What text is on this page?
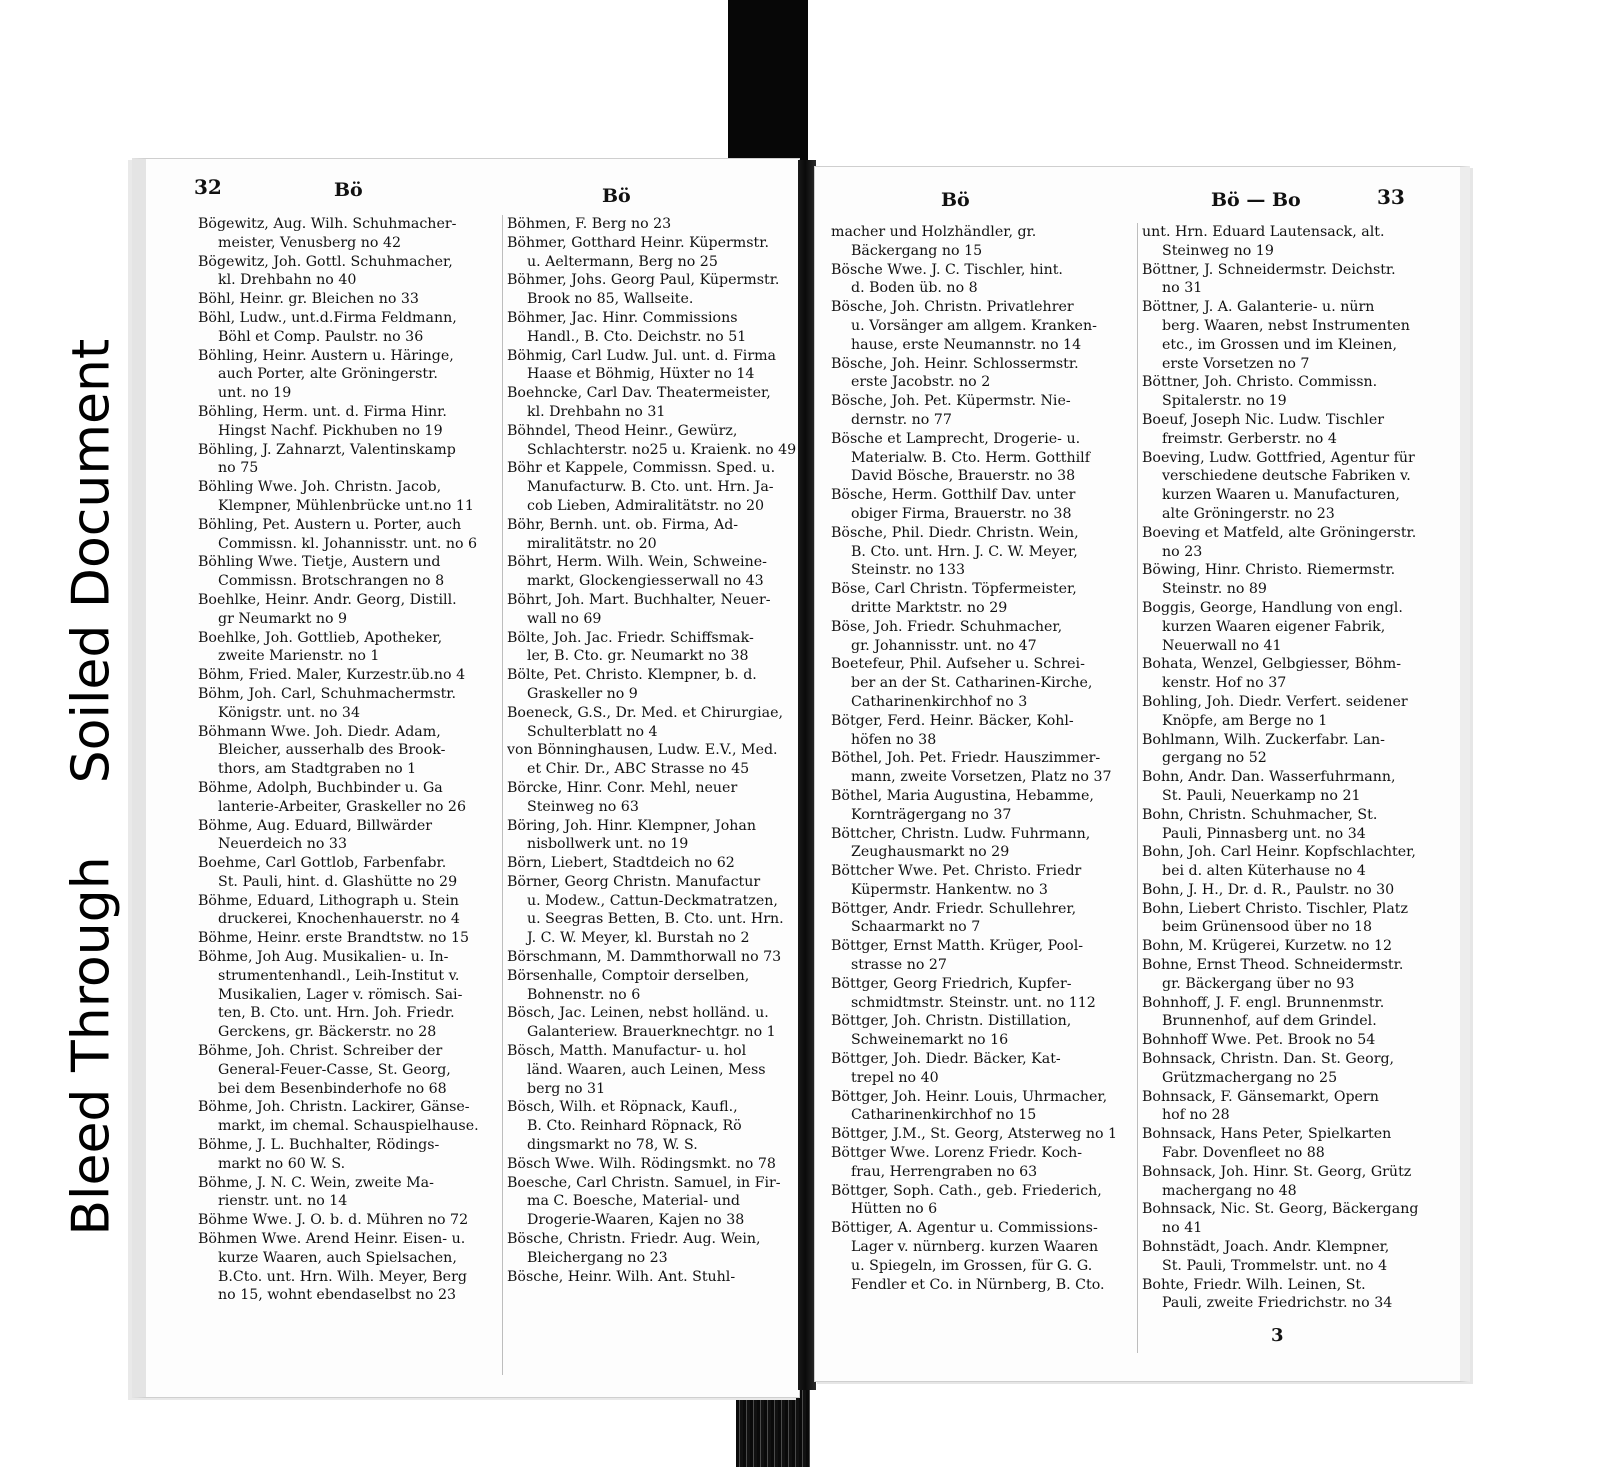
Soiled Document
Bleed Through
32	Bö	Bö
Bögewitz, Aug. Wilh. Schuhmacher-
meister, Venusberg no 42
Bögewitz, Joh. Gottl. Schuhmacher,
kl. Drehbahn no 40
Böhl, Heinr. gr. Bleichen no 33
Böhl, Ludw., unt.d.Firma Feldmann,
Böhl et Comp. Paulstr. no 36
Böhling, Heinr. Austern u. Häringe,
auch Porter, alte Gröningerstr.
unt. no 19
Böhling, Herm. unt. d. Firma Hinr.
Hingst Nachf. Pickhuben no 19
Böhling, J. Zahnarzt, Valentinskamp
no 75
Böhling Wwe. Joh. Christn. Jacob,
Klempner, Mühlenbrücke unt.no 11
Böhling, Pet. Austern u. Porter, auch
Commissn. kl. Johannisstr. unt. no 6
Böhling Wwe. Tietje, Austern und
Commissn. Brotschrangen no 8
Boehlke, Heinr. Andr. Georg, Distill.
gr Neumarkt no 9
Boehlke, Joh. Gottlieb, Apotheker,
zweite Marienstr. no 1
Böhm, Fried. Maler, Kurzestr.üb.no 4
Böhm, Joh. Carl, Schuhmachermstr.
Königstr. unt. no 34
Böhmann Wwe. Joh. Diedr. Adam,
Bleicher, ausserhalb des Brook-
thors, am Stadtgraben no 1
Böhme, Adolph, Buchbinder u. Ga
lanterie-Arbeiter, Graskeller no 26
Böhme, Aug. Eduard, Billwärder
Neuerdeich no 33
Boehme, Carl Gottlob, Farbenfabr.
St. Pauli, hint. d. Glashütte no 29
Böhme, Eduard, Lithograph u. Stein
druckerei, Knochenhauerstr. no 4
Böhme, Heinr. erste Brandtstw. no 15
Böhme, Joh Aug. Musikalien- u. In-
strumentenhandl., Leih-Institut v.
Musikalien, Lager v. römisch. Sai-
ten, B. Cto. unt. Hrn. Joh. Friedr.
Gerckens, gr. Bäckerstr. no 28
Böhme, Joh. Christ. Schreiber der
General-Feuer-Casse, St. Georg,
bei dem Besenbinderhofe no 68
Böhme, Joh. Christn. Lackirer, Gänse-
markt, im chemal. Schauspielhause.
Böhme, J. L. Buchhalter, Rödings-
markt no 60 W. S.
Böhme, J. N. C. Wein, zweite Ma-
rienstr. unt. no 14
Böhme Wwe. J. O. b. d. Mühren no 72
Böhmen Wwe. Arend Heinr. Eisen- u.
kurze Waaren, auch Spielsachen,
B.Cto. unt. Hrn. Wilh. Meyer, Berg
no 15, wohnt ebendaselbst no 23
Böhmen, F. Berg no 23
Böhmer, Gotthard Heinr. Küpermstr.
u. Aeltermann, Berg no 25
Böhmer, Johs. Georg Paul, Küpermstr.
Brook no 85, Wallseite.
Böhmer, Jac. Hinr. Commissions
Handl., B. Cto. Deichstr. no 51
Böhmig, Carl Ludw. Jul. unt. d. Firma
Haase et Böhmig, Hüxter no 14
Boehncke, Carl Dav. Theatermeister,
kl. Drehbahn no 31
Böhndel, Theod Heinr., Gewürz,
Schlachterstr. no25 u. Kraienk. no 49
Böhr et Kappele, Commissn. Sped. u.
Manufacturw. B. Cto. unt. Hrn. Ja-
cob Lieben, Admiralitätstr. no 20
Böhr, Bernh. unt. ob. Firma, Ad-
miralitätstr. no 20
Böhrt, Herm. Wilh. Wein, Schweine-
markt, Glockengiesserwall no 43
Böhrt, Joh. Mart. Buchhalter, Neuer-
wall no 69
Bölte, Joh. Jac. Friedr. Schiffsmak-
ler, B. Cto. gr. Neumarkt no 38
Bölte, Pet. Christo. Klempner, b. d.
Graskeller no 9
Boeneck, G.S., Dr. Med. et Chirurgiae,
Schulterblatt no 4
von Bönninghausen, Ludw. E.V., Med.
et Chir. Dr., ABC Strasse no 45
Börcke, Hinr. Conr. Mehl, neuer
Steinweg no 63
Böring, Joh. Hinr. Klempner, Johan
nisbollwerk unt. no 19
Börn, Liebert, Stadtdeich no 62
Börner, Georg Christn. Manufactur
u. Modew., Cattun-Deckmatratzen,
u. Seegras Betten, B. Cto. unt. Hrn.
J. C. W. Meyer, kl. Burstah no 2
Börschmann, M. Dammthorwall no 73
Börsenhalle, Comptoir derselben,
Bohnenstr. no 6
Bösch, Jac. Leinen, nebst holländ. u.
Galanteriew. Brauerknechtgr. no 1
Bösch, Matth. Manufactur- u. hol
länd. Waaren, auch Leinen, Mess
berg no 31
Bösch, Wilh. et Röpnack, Kaufl.,
B. Cto. Reinhard Röpnack, Rö
dingsmarkt no 78, W. S.
Bösch Wwe. Wilh. Rödingsmkt. no 78
Boesche, Carl Christn. Samuel, in Fir-
ma C. Boesche, Material- und
Drogerie-Waaren, Kajen no 38
Bösche, Christn. Friedr. Aug. Wein,
Bleichergang no 23
Bösche, Heinr. Wilh. Ant. Stuhl-
Bö	Bö — Bo	33
macher und Holzhändler, gr.
Bäckergang no 15
Bösche Wwe. J. C. Tischler, hint.
d. Boden üb. no 8
Bösche, Joh. Christn. Privatlehrer
u. Vorsänger am allgem. Kranken-
hause, erste Neumannstr. no 14
Bösche, Joh. Heinr. Schlossermstr.
erste Jacobstr. no 2
Bösche, Joh. Pet. Küpermstr. Nie-
dernstr. no 77
Bösche et Lamprecht, Drogerie- u.
Materialw. B. Cto. Herm. Gotthilf
David Bösche, Brauerstr. no 38
Bösche, Herm. Gotthilf Dav. unter
obiger Firma, Brauerstr. no 38
Bösche, Phil. Diedr. Christn. Wein,
B. Cto. unt. Hrn. J. C. W. Meyer,
Steinstr. no 133
Böse, Carl Christn. Töpfermeister,
dritte Marktstr. no 29
Böse, Joh. Friedr. Schuhmacher,
gr. Johannisstr. unt. no 47
Boetefeur, Phil. Aufseher u. Schrei-
ber an der St. Catharinen-Kirche,
Catharinenkirchhof no 3
Bötger, Ferd. Heinr. Bäcker, Kohl-
höfen no 38
Böthel, Joh. Pet. Friedr. Hauszimmer-
mann, zweite Vorsetzen, Platz no 37
Böthel, Maria Augustina, Hebamme,
Kornträgergang no 37
Böttcher, Christn. Ludw. Fuhrmann,
Zeughausmarkt no 29
Böttcher Wwe. Pet. Christo. Friedr
Küpermstr. Hankentw. no 3
Böttger, Andr. Friedr. Schullehrer,
Schaarmarkt no 7
Böttger, Ernst Matth. Krüger, Pool-
strasse no 27
Böttger, Georg Friedrich, Kupfer-
schmidtmstr. Steinstr. unt. no 112
Böttger, Joh. Christn. Distillation,
Schweinemarkt no 16
Böttger, Joh. Diedr. Bäcker, Kat-
trepel no 40
Böttger, Joh. Heinr. Louis, Uhrmacher,
Catharinenkirchhof no 15
Böttger, J.M., St. Georg, Atsterweg no 1
Böttger Wwe. Lorenz Friedr. Koch-
frau, Herrengraben no 63
Böttger, Soph. Cath., geb. Friederich,
Hütten no 6
Böttiger, A. Agentur u. Commissions-
Lager v. nürnberg. kurzen Waaren
u. Spiegeln, im Grossen, für G. G.
Fendler et Co. in Nürnberg, B. Cto.
unt. Hrn. Eduard Lautensack, alt.
Steinweg no 19
Böttner, J. Schneidermstr. Deichstr.
no 31
Böttner, J. A. Galanterie- u. nürn
berg. Waaren, nebst Instrumenten
etc., im Grossen und im Kleinen,
erste Vorsetzen no 7
Böttner, Joh. Christo. Commissn.
Spitalerstr. no 19
Boeuf, Joseph Nic. Ludw. Tischler
freimstr. Gerberstr. no 4
Boeving, Ludw. Gottfried, Agentur für
verschiedene deutsche Fabriken v.
kurzen Waaren u. Manufacturen,
alte Gröningerstr. no 23
Boeving et Matfeld, alte Gröningerstr.
no 23
Böwing, Hinr. Christo. Riemermstr.
Steinstr. no 89
Boggis, George, Handlung von engl.
kurzen Waaren eigener Fabrik,
Neuerwall no 41
Bohata, Wenzel, Gelbgiesser, Böhm-
kenstr. Hof no 37
Bohling, Joh. Diedr. Verfert. seidener
Knöpfe, am Berge no 1
Bohlmann, Wilh. Zuckerfabr. Lan-
gergang no 52
Bohn, Andr. Dan. Wasserfuhrmann,
St. Pauli, Neuerkamp no 21
Bohn, Christn. Schuhmacher, St.
Pauli, Pinnasberg unt. no 34
Bohn, Joh. Carl Heinr. Kopfschlachter,
bei d. alten Küterhause no 4
Bohn, J. H., Dr. d. R., Paulstr. no 30
Bohn, Liebert Christo. Tischler, Platz
beim Grünensood über no 18
Bohn, M. Krügerei, Kurzetw. no 12
Bohne, Ernst Theod. Schneidermstr.
gr. Bäckergang über no 93
Bohnhoff, J. F. engl. Brunnenmstr.
Brunnenhof, auf dem Grindel.
Bohnhoff Wwe. Pet. Brook no 54
Bohnsack, Christn. Dan. St. Georg,
Grützmachergang no 25
Bohnsack, F. Gänsemarkt, Opern
hof no 28
Bohnsack, Hans Peter, Spielkarten
Fabr. Dovenfleet no 88
Bohnsack, Joh. Hinr. St. Georg, Grütz
machergang no 48
Bohnsack, Nic. St. Georg, Bäckergang
no 41
Bohnstädt, Joach. Andr. Klempner,
St. Pauli, Trommelstr. unt. no 4
Bohte, Friedr. Wilh. Leinen, St.
Pauli, zweite Friedrichstr. no 34
3
